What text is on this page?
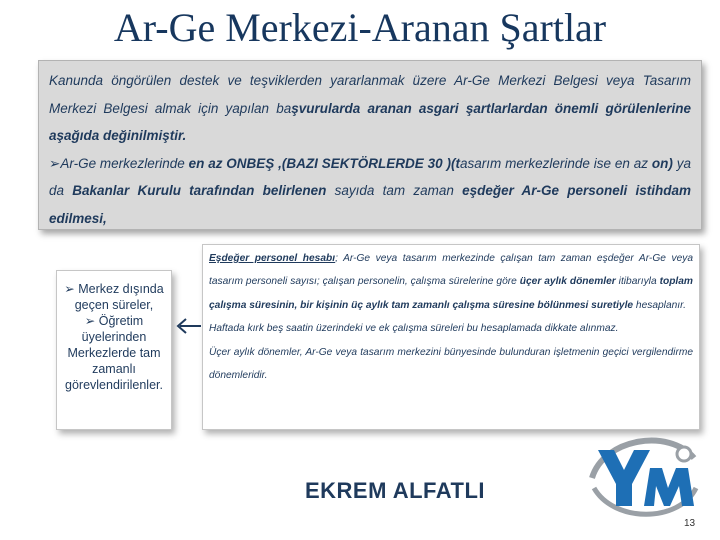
Ar-Ge Merkezi-Aranan Şartlar

Kanunda öngörülen destek ve teşviklerden yararlanmak üzere Ar-Ge Merkezi Belgesi veya Tasarım Merkezi Belgesi almak için yapılan başvurularda aranan asgari şartlarlardan önemli görülenlerine aşağıda değinilmiştir.

➢Ar-Ge merkezlerinde en az ONBEŞ ,(BAZI SEKTÖRLERDE 30 )(tasarım merkezlerinde ise en az on) ya da Bakanlar Kurulu tarafından belirlenen sayıda tam zaman eşdeğer Ar-Ge personeli istihdam edilmesi,

➢ Merkez dışında geçen süreler,
➢ Öğretim üyelerinden Merkezlerde tam zamanlı görevlendirilenler.

Eşdeğer personel hesabı; Ar-Ge veya tasarım merkezinde çalışan tam zaman eşdeğer Ar-Ge veya tasarım personeli sayısı; çalışan personelin, çalışma sürelerine göre üçer aylık dönemler itibarıyla toplam çalışma süresinin, bir kişinin üç aylık tam zamanlı çalışma süresine bölünmesi suretiyle hesaplanır.

Haftada kırk beş saatin üzerindeki ve ek çalışma süreleri bu hesaplamada dikkate alınmaz.

Üçer aylık dönemler, Ar-Ge veya tasarım merkezini bünyesinde bulunduran işletmenin geçici vergilendirme dönemleridir.

EKREM ALFATLI
13
